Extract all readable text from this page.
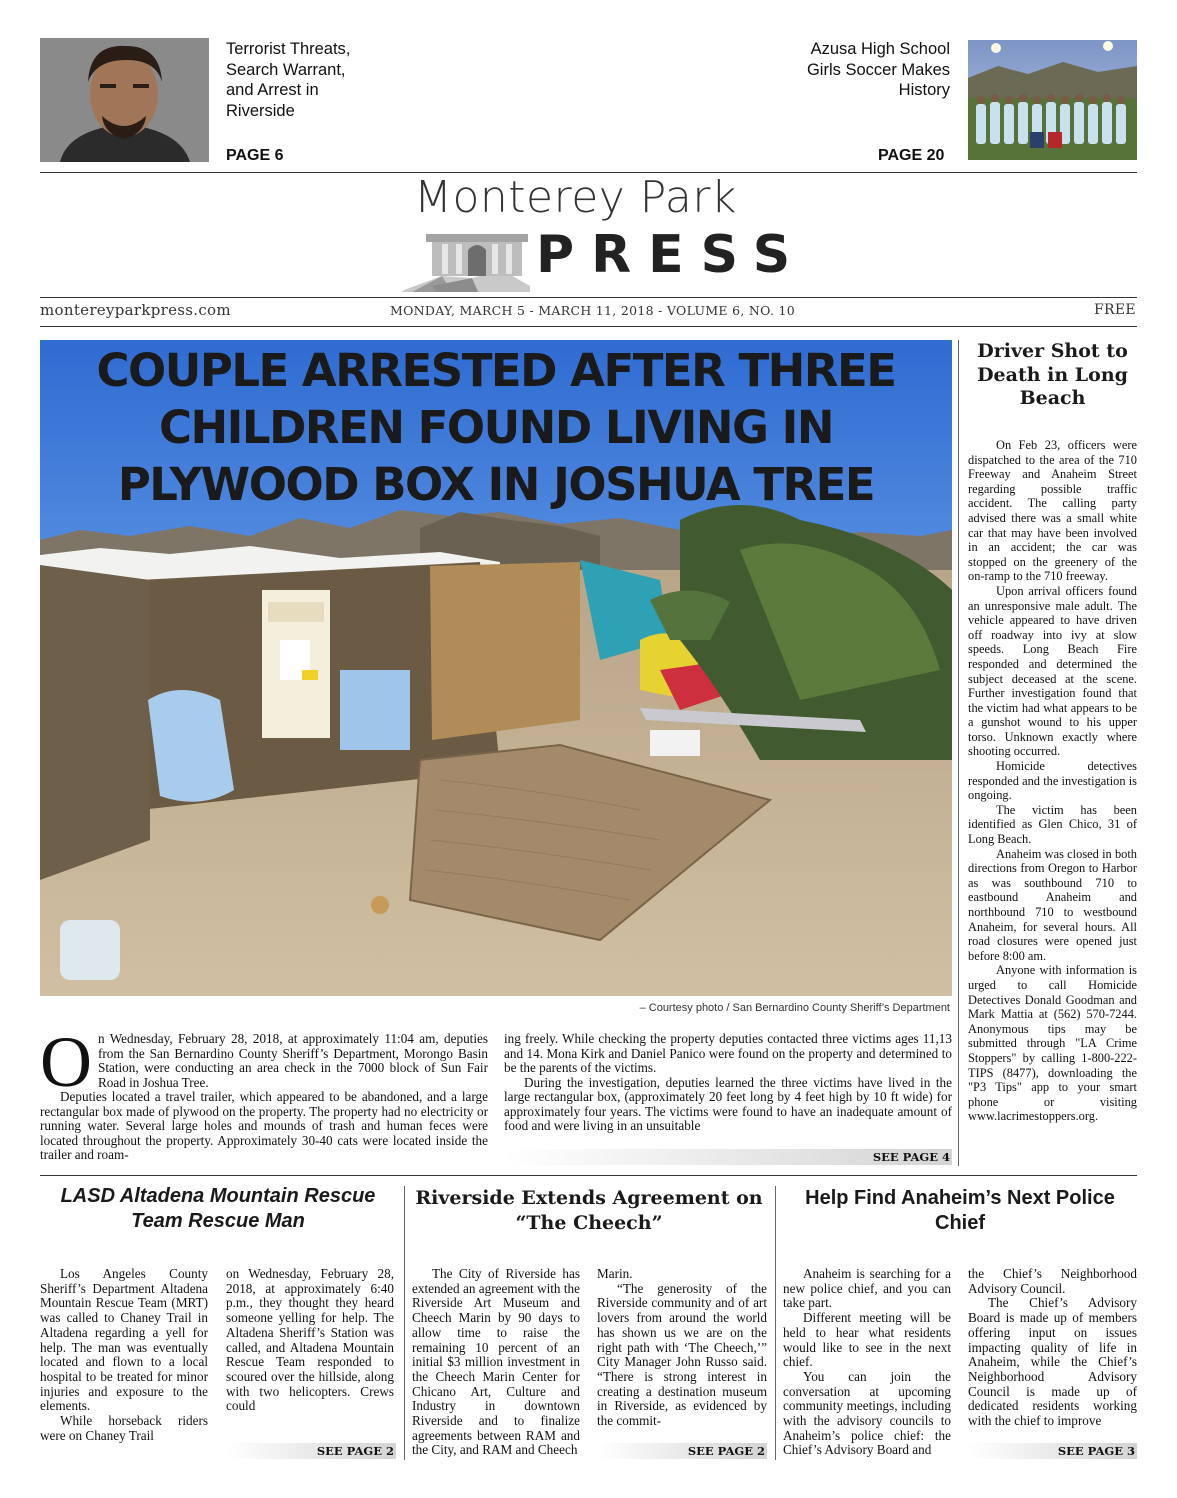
Terrorist Threats, Search Warrant, and Arrest in Riverside
PAGE 6
Azusa High School Girls Soccer Makes History
PAGE 20
Monterey Park
PRESS
montereyparkpress.com	MONDAY, MARCH 5 - MARCH 11, 2018 - VOLUME 6, NO. 10	FREE
COUPLE ARRESTED AFTER THREE CHILDREN FOUND LIVING IN PLYWOOD BOX IN JOSHUA TREE
– Courtesy photo / San Bernardino County Sheriff’s Department
O n Wednesday, February 28, 2018, at approximately 11:04 am, deputies from the San Bernardino County Sheriff’s Department, Morongo Basin Station, were conducting an area check in the 7000 block of Sun Fair Road in Joshua Tree.

Deputies located a travel trailer, which appeared to be abandoned, and a large rectangular box made of plywood on the property. The property had no electricity or running water. Several large holes and mounds of trash and human feces were located throughout the property. Approximately 30-40 cats were located inside the trailer and roam-

ing freely. While checking the property deputies contacted three victims ages 11,13 and 14. Mona Kirk and Daniel Panico were found on the property and determined to be the parents of the victims.

During the investigation, deputies learned the three victims have lived in the large rectangular box, (approximately 20 feet long by 4 feet high by 10 ft wide) for approximately four years. The victims were found to have an inadequate amount of food and were living in an unsuitable

SEE PAGE 4
Driver Shot to Death in Long Beach

On Feb 23, officers were dispatched to the area of the 710 Freeway and Anaheim Street regarding possible traffic accident. The calling party advised there was a small white car that may have been involved in an accident; the car was stopped on the greenery of the on-ramp to the 710 freeway.

Upon arrival officers found an unresponsive male adult. The vehicle appeared to have driven off roadway into ivy at slow speeds. Long Beach Fire responded and determined the subject deceased at the scene. Further investigation found that the victim had what appears to be a gunshot wound to his upper torso. Unknown exactly where shooting occurred.

Homicide detectives responded and the investigation is ongoing.

The victim has been identified as Glen Chico, 31 of Long Beach.

Anaheim was closed in both directions from Oregon to Harbor as was southbound 710 to eastbound Anaheim and northbound 710 to westbound Anaheim, for several hours. All road closures were opened just before 8:00 am.

Anyone with information is urged to call Homicide Detectives Donald Goodman and Mark Mattia at (562) 570-7244. Anonymous tips may be submitted through "LA Crime Stoppers" by calling 1-800-222-TIPS (8477), downloading the "P3 Tips" app to your smart phone or visiting www.lacrimestoppers.org.

LASD Altadena Mountain Rescue Team Rescue Man

Los Angeles County Sheriff’s Department Altadena Mountain Rescue Team (MRT) was called to Chaney Trail in Altadena regarding a yell for help. The man was eventually located and flown to a local hospital to be treated for minor injuries and exposure to the elements.

While horseback riders were on Chaney Trail

on Wednesday, February 28, 2018, at approximately 6:40 p.m., they thought they heard someone yelling for help. The Altadena Sheriff’s Station was called, and Altadena Mountain Rescue Team responded to scoured over the hillside, along with two helicopters. Crews could

SEE PAGE 2
Riverside Extends Agreement on “The Cheech”

The City of Riverside has extended an agreement with the Riverside Art Museum and Cheech Marin by 90 days to allow time to raise the remaining 10 percent of an initial $3 million investment in the Cheech Marin Center for Chicano Art, Culture and Industry in downtown Riverside and to finalize agreements between RAM and the City, and RAM and Cheech

Marin.

“The generosity of the Riverside community and of art lovers from around the world has shown us we are on the right path with ‘The Cheech,’” City Manager John Russo said. “There is strong interest in creating a destination museum in Riverside, as evidenced by the commit-

SEE PAGE 2
Help Find Anaheim’s Next Police Chief

Anaheim is searching for a new police chief, and you can take part.

Different meeting will be held to hear what residents would like to see in the next chief.

You can join the conversation at upcoming community meetings, including with the advisory councils to Anaheim’s police chief: the Chief’s Advisory Board and

the Chief’s Neighborhood Advisory Council.

The Chief’s Advisory Board is made up of members offering input on issues impacting quality of life in Anaheim, while the Chief’s Neighborhood Advisory Council is made up of dedicated residents working with the chief to improve

SEE PAGE 3
